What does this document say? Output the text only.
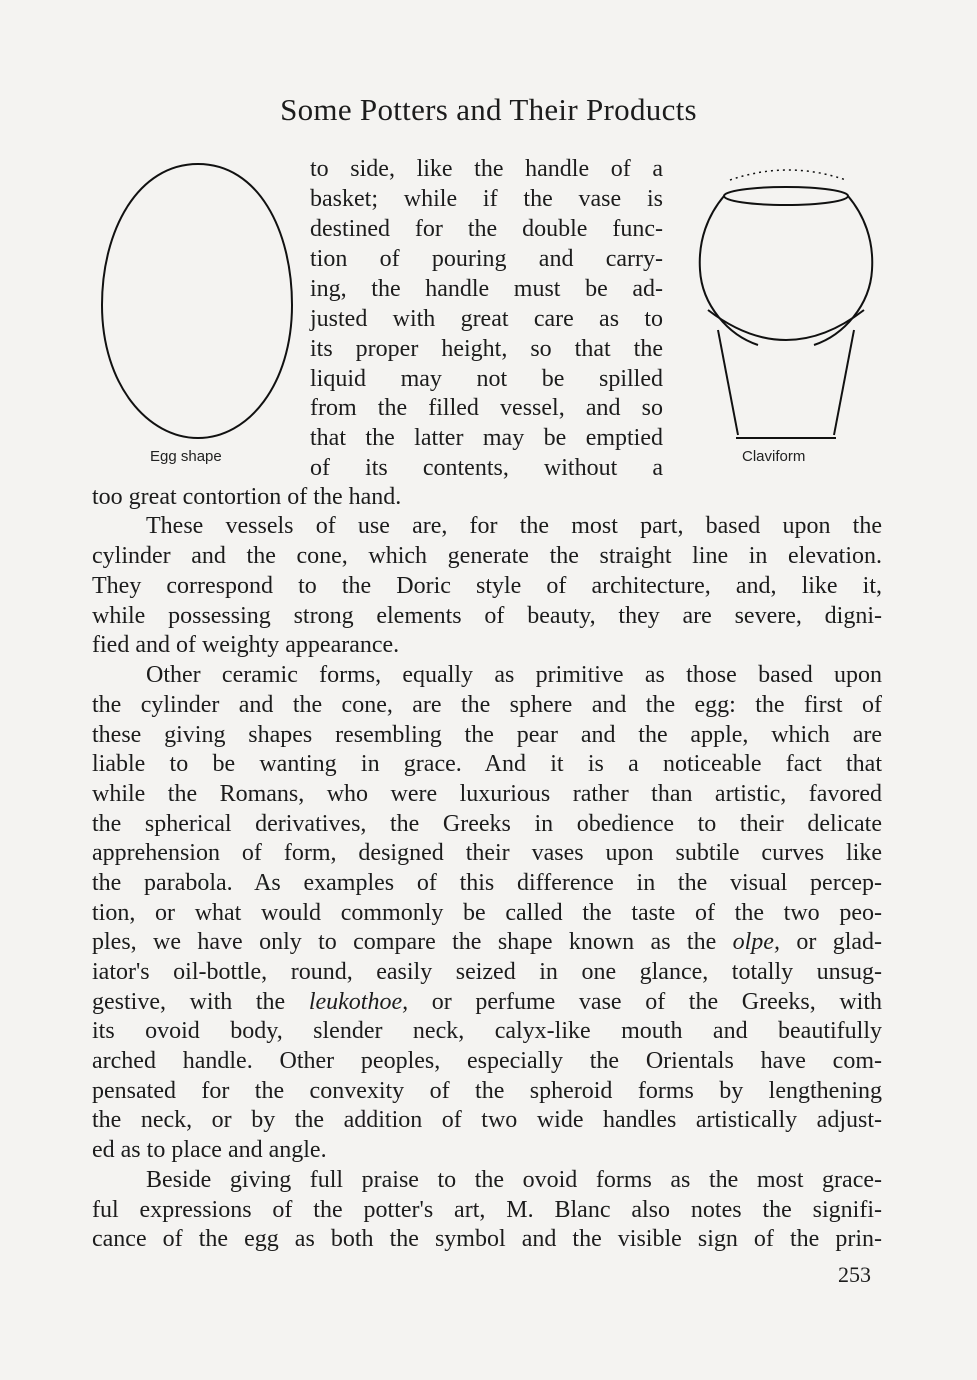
Some Potters and Their Products
Egg shape	Claviform
to side, like the handle of a
basket; while if the vase is
destined for the double func-
tion of pouring and carry-
ing, the handle must be ad-
justed with great care as to
its proper height, so that the
liquid may not be spilled
from the filled vessel, and so
that the latter may be emptied
of its contents, without a
too great contortion of the hand.
These vessels of use are, for the most part, based upon the
cylinder and the cone, which generate the straight line in elevation.
They correspond to the Doric style of architecture, and, like it,
while possessing strong elements of beauty, they are severe, digni-
fied and of weighty appearance.
Other ceramic forms, equally as primitive as those based upon
the cylinder and the cone, are the sphere and the egg: the first of
these giving shapes resembling the pear and the apple, which are
liable to be wanting in grace. And it is a noticeable fact that
while the Romans, who were luxurious rather than artistic, favored
the spherical derivatives, the Greeks in obedience to their delicate
apprehension of form, designed their vases upon subtile curves like
the parabola. As examples of this difference in the visual percep-
tion, or what would commonly be called the taste of the two peo-
ples, we have only to compare the shape known as the olpe, or glad-
iator's oil-bottle, round, easily seized in one glance, totally unsug-
gestive, with the leukothoe, or perfume vase of the Greeks, with
its ovoid body, slender neck, calyx-like mouth and beautifully
arched handle. Other peoples, especially the Orientals have com-
pensated for the convexity of the spheroid forms by lengthening
the neck, or by the addition of two wide handles artistically adjust-
ed as to place and angle.
Beside giving full praise to the ovoid forms as the most grace-
ful expressions of the potter's art, M. Blanc also notes the signifi-
cance of the egg as both the symbol and the visible sign of the prin-
253
